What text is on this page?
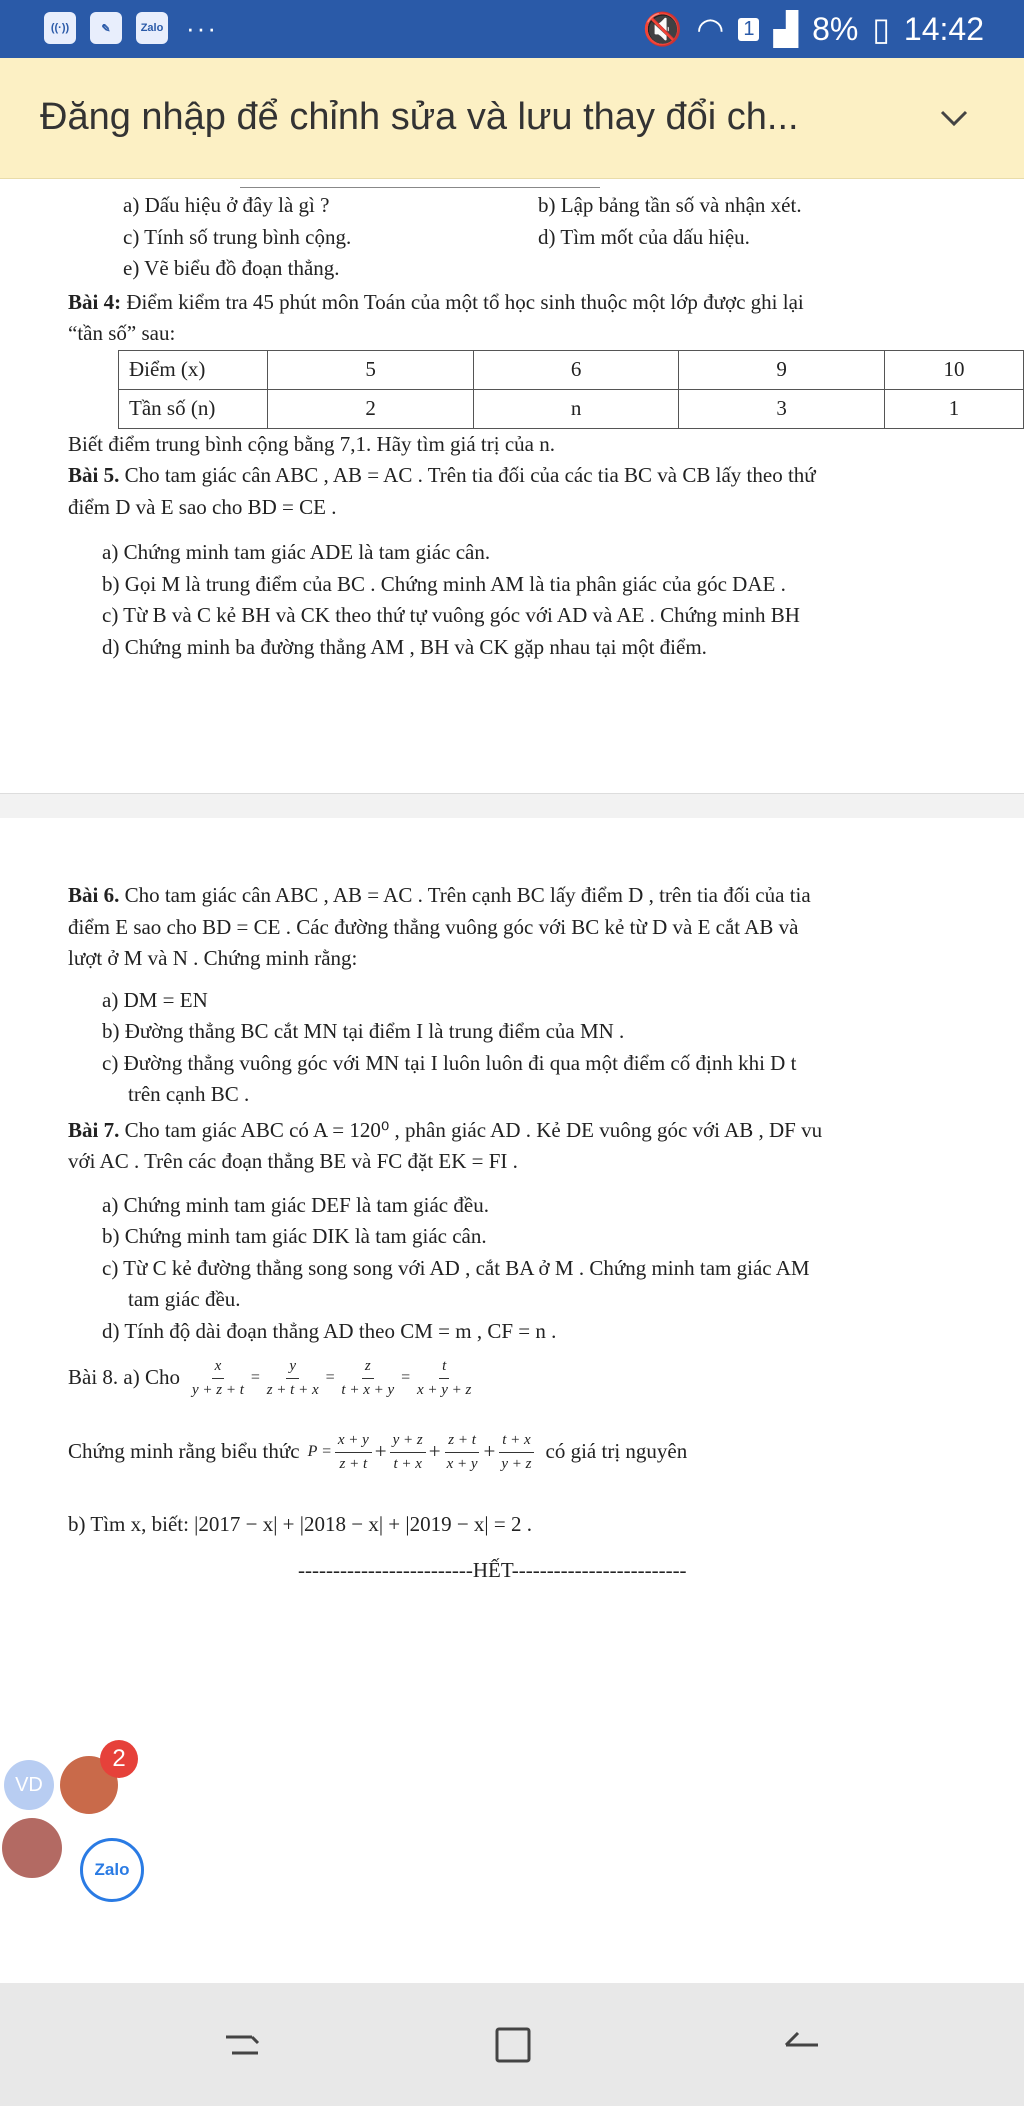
((·))	✎	Zalo ···	🔇 ◠ 1 ▟ 8% ▯ 14:42
Đăng nhập để chỉnh sửa và lưu thay đổi ch...
a) Dấu hiệu ở đây là gì ?	b) Lập bảng tần số và nhận xét.
c) Tính số trung bình cộng.	d) Tìm mốt của dấu hiệu.
e) Vẽ biểu đồ đoạn thẳng.
Bài 4: Điểm kiểm tra 45 phút môn Toán của một tổ học sinh thuộc một lớp được ghi lại
“tần số” sau:
Điểm (x)	5	6	9	10
Tần số (n)	2	n	3	1
Biết điểm trung bình cộng bằng 7,1. Hãy tìm giá trị của n.
Bài 5. Cho tam giác cân ABC , AB = AC . Trên tia đối của các tia BC và CB lấy theo thứ
điểm D và E sao cho BD = CE .
a) Chứng minh tam giác ADE là tam giác cân.
b) Gọi M là trung điểm của BC . Chứng minh AM là tia phân giác của góc DAE .
c) Từ B và C kẻ BH và CK theo thứ tự vuông góc với AD và AE . Chứng minh BH
d) Chứng minh ba đường thẳng AM , BH và CK gặp nhau tại một điểm.
Bài 6. Cho tam giác cân ABC , AB = AC . Trên cạnh BC lấy điểm D , trên tia đối của tia
điểm E sao cho BD = CE . Các đường thẳng vuông góc với BC kẻ từ D và E cắt AB và
lượt ở M và N . Chứng minh rằng:
a) DM = EN
b) Đường thẳng BC cắt MN tại điểm I là trung điểm của MN .
c) Đường thẳng vuông góc với MN tại I luôn luôn đi qua một điểm cố định khi D t
trên cạnh BC .
Bài 7. Cho tam giác ABC có A = 120⁰ , phân giác AD . Kẻ DE vuông góc với AB , DF vu
với AC . Trên các đoạn thẳng BE và FC đặt EK = FI .
a) Chứng minh tam giác DEF là tam giác đều.
b) Chứng minh tam giác DIK là tam giác cân.
c) Từ C kẻ đường thẳng song song với AD , cắt BA ở M . Chứng minh tam giác AM
tam giác đều.
d) Tính độ dài đoạn thẳng AD theo CM = m , CF = n .
Bài 8. a) Cho $\frac{x}{y + z + t} = \frac{y}{z + t + x} = \frac{z}{t + x + y} = \frac{t}{x + y + z}$
Chứng minh rằng biểu thức $P = \frac{x + y}{z + t} + \frac{y + z}{t + x} + \frac{z + t}{x + y} + \frac{t + x}{y + z}$ có giá trị nguyên
b) Tìm x, biết: |2017 − x| + |2018 − x| + |2019 − x| = 2 .
-------------------------HẾT-------------------------
VD
2
Zalo
